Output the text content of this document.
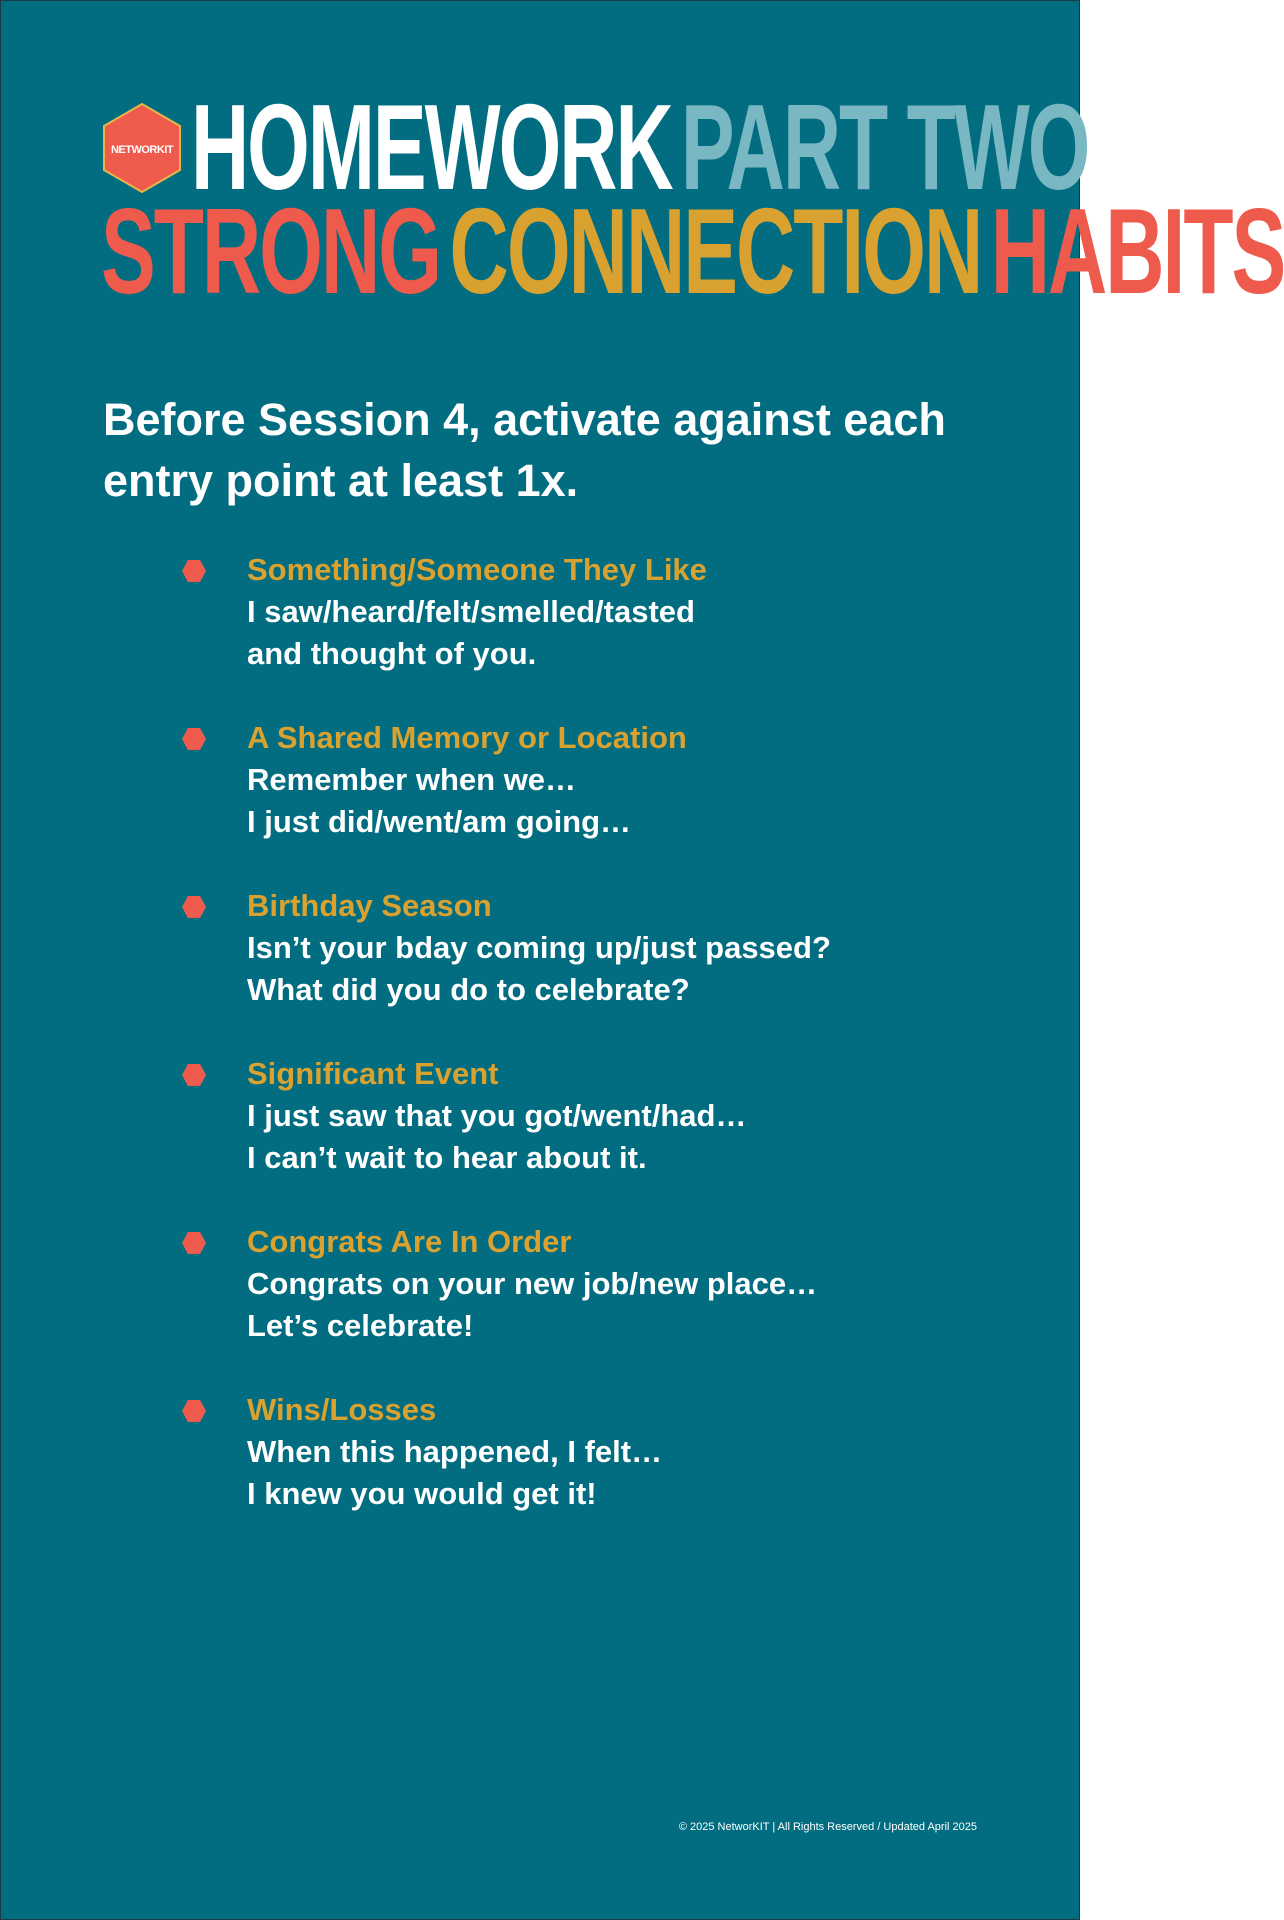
NETWORKIT HOMEWORKPART TWO
STRONGCONNECTIONHABITS
Before Session 4, activate against each entry point at least 1x.
Something/Someone They Like
I saw/heard/felt/smelled/tasted
and thought of you.
A Shared Memory or Location
Remember when we…
I just did/went/am going…
Birthday Season
Isn’t your bday coming up/just passed?
What did you do to celebrate?
Significant Event
I just saw that you got/went/had…
I can’t wait to hear about it.
Congrats Are In Order
Congrats on your new job/new place…
Let’s celebrate!
Wins/Losses
When this happened, I felt…
I knew you would get it!
© 2025 NetworKIT | All Rights Reserved / Updated April 2025
